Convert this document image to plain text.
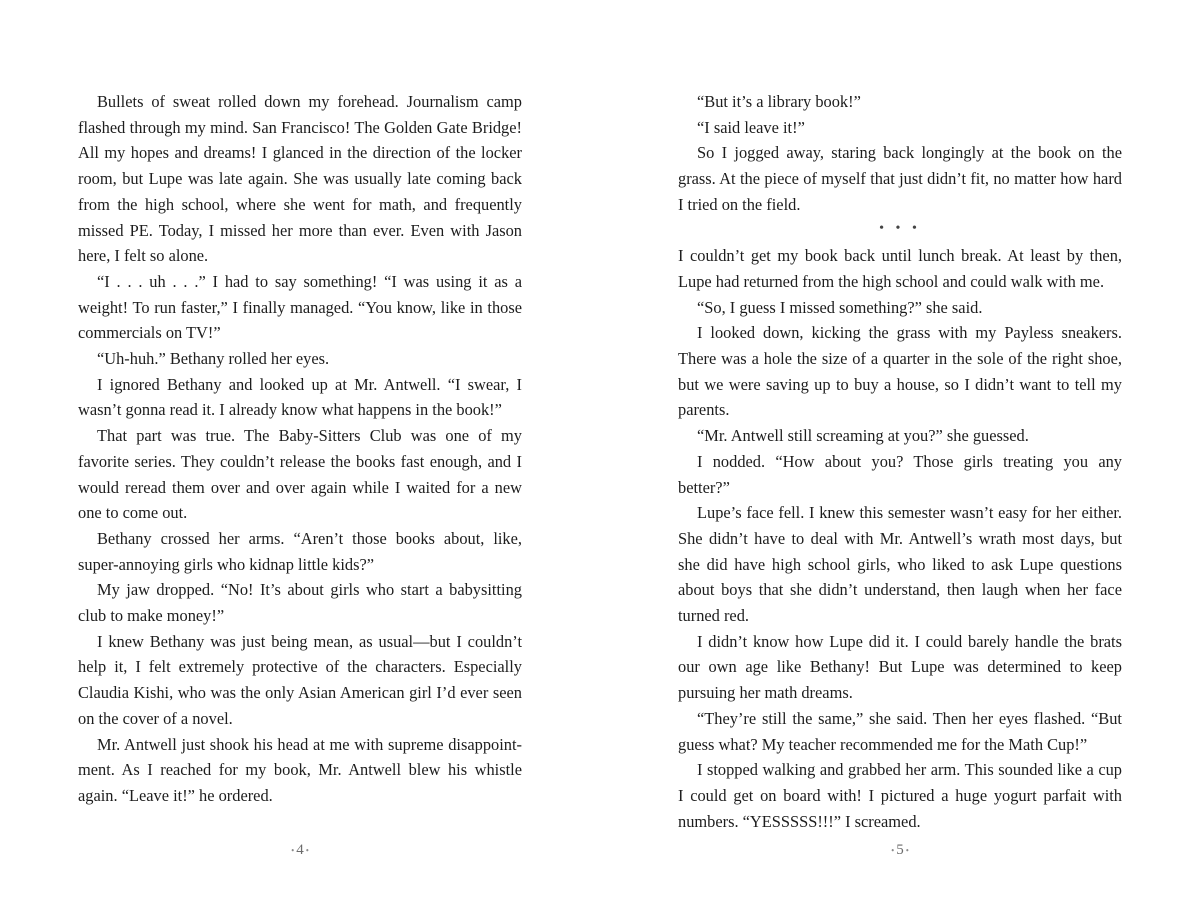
Bullets of sweat rolled down my forehead. Journalism camp flashed through my mind. San Francisco! The Golden Gate Bridge! All my hopes and dreams! I glanced in the direction of the locker room, but Lupe was late again. She was usually late coming back from the high school, where she went for math, and frequently missed PE. Today, I missed her more than ever. Even with Jason here, I felt so alone.

“I . . . uh . . .” I had to say something! “I was using it as a weight! To run faster,” I finally managed. “You know, like in those commercials on TV!”

“Uh-huh.” Bethany rolled her eyes.

I ignored Bethany and looked up at Mr. Antwell. “I swear, I wasn’t gonna read it. I already know what happens in the book!”

That part was true. The Baby-Sitters Club was one of my favorite series. They couldn’t release the books fast enough, and I would reread them over and over again while I waited for a new one to come out.

Bethany crossed her arms. “Aren’t those books about, like, super-annoying girls who kidnap little kids?”

My jaw dropped. “No! It’s about girls who start a babysitting club to make money!”

I knew Bethany was just being mean, as usual—but I couldn’t help it, I felt extremely protective of the characters. Especially Claudia Kishi, who was the only Asian American girl I’d ever seen on the cover of a novel.

Mr. Antwell just shook his head at me with supreme disappointment. As I reached for my book, Mr. Antwell blew his whistle again. “Leave it!” he ordered.

“But it’s a library book!”

“I said leave it!”

So I jogged away, staring back longingly at the book on the grass. At the piece of myself that just didn’t fit, no matter how hard I tried on the field.

• • •

I couldn’t get my book back until lunch break. At least by then, Lupe had returned from the high school and could walk with me.

“So, I guess I missed something?” she said.

I looked down, kicking the grass with my Payless sneakers. There was a hole the size of a quarter in the sole of the right shoe, but we were saving up to buy a house, so I didn’t want to tell my parents.

“Mr. Antwell still screaming at you?” she guessed.

I nodded. “How about you? Those girls treating you any better?”

Lupe’s face fell. I knew this semester wasn’t easy for her either. She didn’t have to deal with Mr. Antwell’s wrath most days, but she did have high school girls, who liked to ask Lupe questions about boys that she didn’t understand, then laugh when her face turned red.

I didn’t know how Lupe did it. I could barely handle the brats our own age like Bethany! But Lupe was determined to keep pursuing her math dreams.

“They’re still the same,” she said. Then her eyes flashed. “But guess what? My teacher recommended me for the Math Cup!”

I stopped walking and grabbed her arm. This sounded like a cup I could get on board with! I pictured a huge yogurt parfait with numbers. “YESSSSS!!!” I screamed.

• 4 •	• 5 •
